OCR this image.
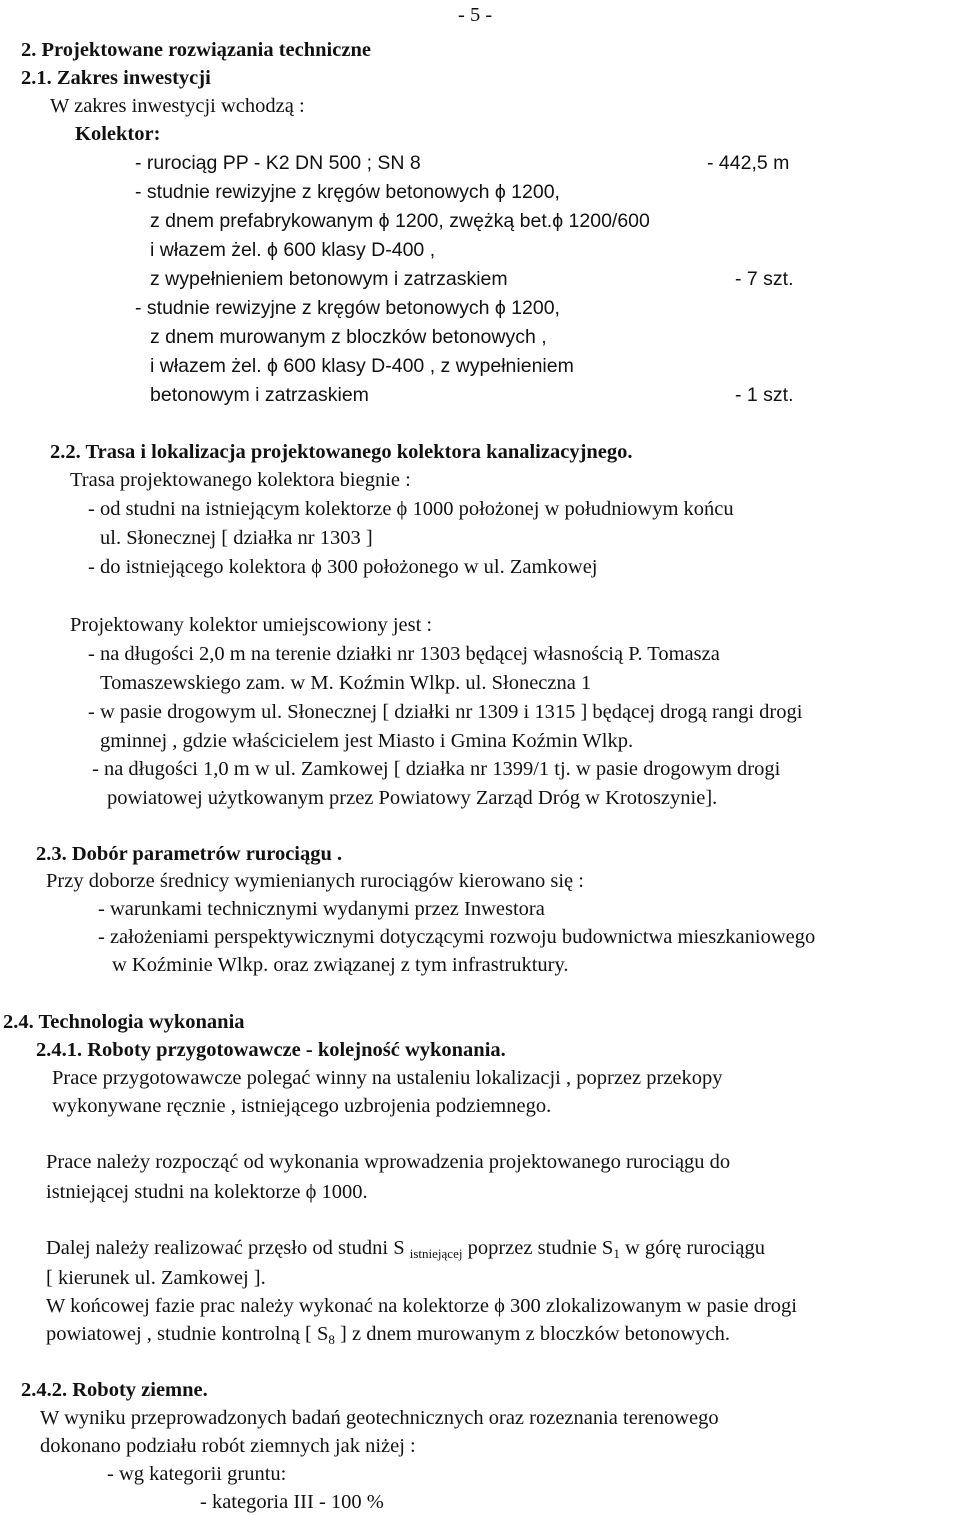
- 5 -
2. Projektowane rozwiązania techniczne
2.1. Zakres inwestycji
W zakres inwestycji wchodzą :
Kolektor:
- rurociąg PP - K2 DN 500 ; SN 8	- 442,5 m
- studnie rewizyjne z kręgów betonowych ϕ 1200,
z dnem prefabrykowanym ϕ 1200, zwężką bet.ϕ 1200/600
i włazem żel. ϕ 600 klasy D-400 ,
z wypełnieniem betonowym i zatrzaskiem	- 7 szt.
- studnie rewizyjne z kręgów betonowych ϕ 1200,
z dnem murowanym z bloczków betonowych ,
i włazem żel. ϕ 600 klasy D-400 , z wypełnieniem
betonowym i zatrzaskiem	- 1 szt.
2.2. Trasa i lokalizacja projektowanego kolektora kanalizacyjnego.
Trasa projektowanego kolektora biegnie :
- od studni na istniejącym kolektorze ϕ 1000 położonej w południowym końcu
ul. Słonecznej [ działka nr 1303 ]
- do istniejącego kolektora ϕ 300 położonego w ul. Zamkowej
Projektowany kolektor umiejscowiony jest :
- na długości 2,0 m na terenie działki nr 1303 będącej własnością P. Tomasza
Tomaszewskiego zam. w M. Koźmin Wlkp. ul. Słoneczna 1
- w pasie drogowym ul. Słonecznej [ działki nr 1309 i 1315 ] będącej drogą rangi drogi
gminnej , gdzie właścicielem jest Miasto i Gmina Koźmin Wlkp.
- na długości 1,0 m w ul. Zamkowej [ działka nr 1399/1 tj. w pasie drogowym drogi
powiatowej użytkowanym przez Powiatowy Zarząd Dróg w Krotoszynie].
2.3. Dobór parametrów rurociągu .
Przy doborze średnicy wymienianych rurociągów kierowano się :
- warunkami technicznymi wydanymi przez Inwestora
- założeniami perspektywicznymi dotyczącymi rozwoju budownictwa mieszkaniowego
w Koźminie Wlkp. oraz związanej z tym infrastruktury.
2.4. Technologia wykonania
2.4.1. Roboty przygotowawcze - kolejność wykonania.
Prace przygotowawcze polegać winny na ustaleniu lokalizacji , poprzez przekopy
wykonywane ręcznie , istniejącego uzbrojenia podziemnego.
Prace należy rozpocząć od wykonania wprowadzenia projektowanego rurociągu do
istniejącej studni na kolektorze ϕ 1000.
Dalej należy realizować przęsło od studni S istniejącej poprzez studnie S1 w górę rurociągu
[ kierunek ul. Zamkowej ].
W końcowej fazie prac należy wykonać na kolektorze ϕ 300 zlokalizowanym w pasie drogi
powiatowej , studnie kontrolną [ S8 ] z dnem murowanym z bloczków betonowych.
2.4.2. Roboty ziemne.
W wyniku przeprowadzonych badań geotechnicznych oraz rozeznania terenowego
dokonano podziału robót ziemnych jak niżej :
- wg kategorii gruntu:
- kategoria III - 100 %
